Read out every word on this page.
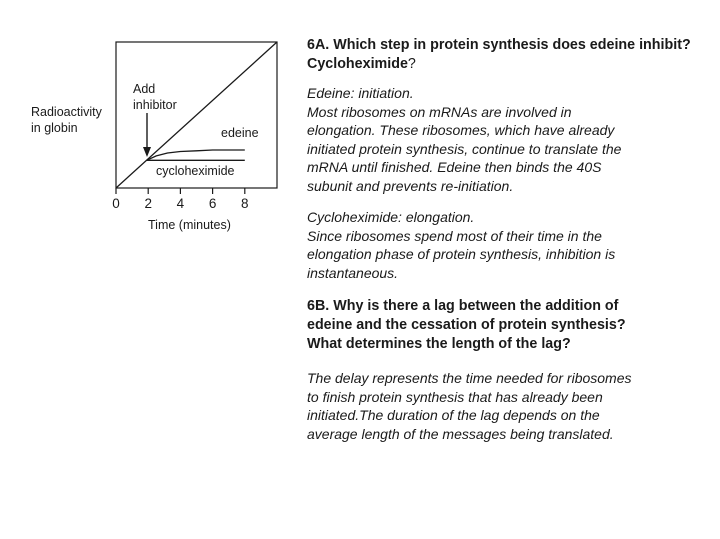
0 2 4 6 8
Radioactivity
in globin
Time (minutes)
Add
inhibitor
edeine
cycloheximide

6A. Which step in protein synthesis does edeine inhibit? Cycloheximide?

Edeine: initiation.
Most ribosomes on mRNAs are involved in
elongation. These ribosomes, which have already
initiated protein synthesis, continue to translate the
mRNA until finished. Edeine then binds the 40S
subunit and prevents re-initiation.
Cycloheximide: elongation.
Since ribosomes spend most of their time in the
elongation phase of protein synthesis, inhibition is
instantaneous.
6B. Why is there a lag between the addition of
edeine and the cessation of protein synthesis?
What determines the length of the lag?
The delay represents the time needed for ribosomes
to finish protein synthesis that has already been
initiated.The duration of the lag depends on the
average length of the messages being translated.
